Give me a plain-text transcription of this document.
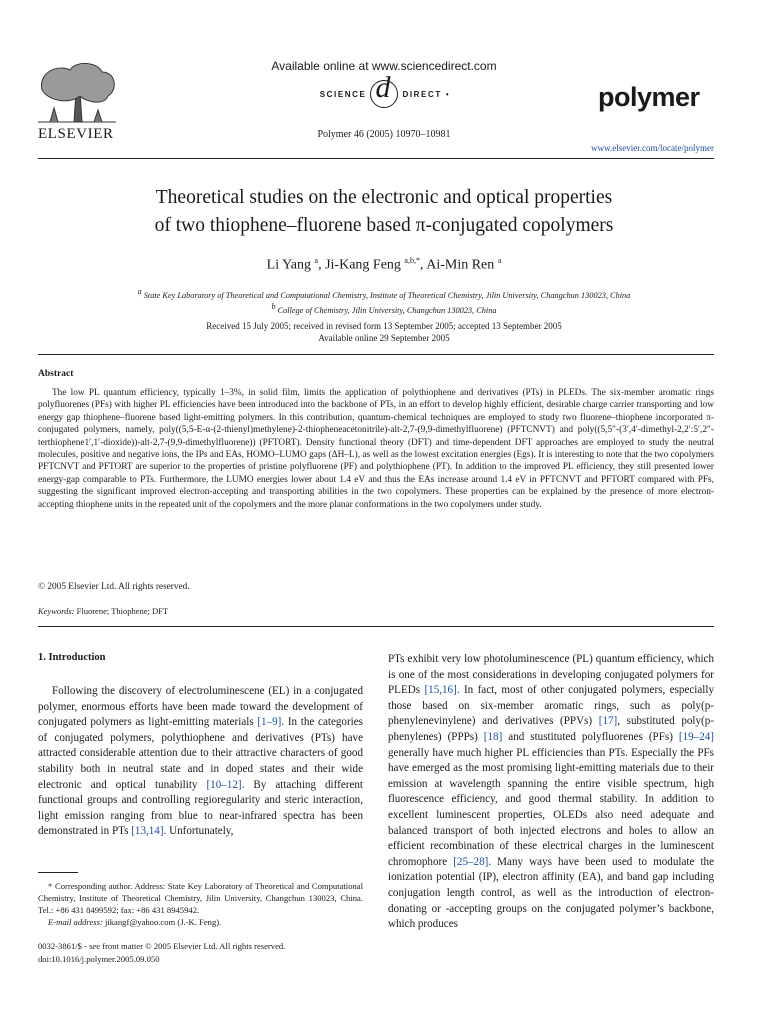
ELSEVIER
Available online at www.sciencedirect.com
SCIENCE d DIRECT •
Polymer 46 (2005) 10970–10981
polymer
www.elsevier.com/locate/polymer
Theoretical studies on the electronic and optical properties
of two thiophene–fluorene based π-conjugated copolymers
Li Yang $^a$, Ji-Kang Feng $^{a,b,*}$, Ai-Min Ren $^a$
$^a$ State Key Laboratory of Theoretical and Computational Chemistry, Institute of Theoretical Chemistry, Jilin University, Changchun 130023, China
$^b$ College of Chemistry, Jilin University, Changchun 130023, China
Received 15 July 2005; received in revised form 13 September 2005; accepted 13 September 2005
Available online 29 September 2005
Abstract
The low PL quantum efficiency, typically 1–3%, in solid film, limits the application of polythiophene and derivatives (PTs) in PLEDs. The six-member aromatic rings polyfluorenes (PFs) with higher PL efficiencies have been introduced into the backbone of PTs, in an effort to develop highly efficient, desirable charge carrier transporting and low energy gap thiophene–fluorene based light-emitting polymers. In this contribution, quantum-chemical techniques are employed to study two fluorene–thiophene incorporated π-conjugated polymers, namely, poly((5,5-E-α-(2-thienyl)methylene)-2-thiopheneacetonitrile)-alt-2,7-(9,9-dimethylfluorene) (PFTCNVT) and poly((5,5″-(3′,4′-dimethyl-2,2′:5′,2″-terthiophene1′,1′-dioxide))-alt-2,7-(9,9-dimethylfluorene)) (PFTORT). Density functional theory (DFT) and time-dependent DFT approaches are employed to study the neutral molecules, positive and negative ions, the IPs and EAs, HOMO–LUMO gaps (ΔH–L), as well as the lowest excitation energies (Egs). It is interesting to note that the two copolymers PFTCNVT and PFTORT are superior to the properties of pristine polyfluorene (PF) and polythiophene (PT). In addition to the improved PL efficiency, they still presented lower energy-gap comparable to PTs. Furthermore, the LUMO energies lower about 1.4 eV and thus the EAs increase around 1.4 eV in PFTCNVT and PFTORT compared with PFs, suggesting the significant improved electron-accepting and transporting abilities in the two copolymers. These properties can be explained by the presence of more electron-accepting thiophene units in the repeated unit of the copolymers and the more planar conformations in the two copolymers under study.
© 2005 Elsevier Ltd. All rights reserved.
Keywords: Fluorene; Thiophene; DFT
1. Introduction
Following the discovery of electroluminescene (EL) in a conjugated polymer, enormous efforts have been made toward the development of conjugated polymers as light-emitting materials [1–9]. In the categories of conjugated polymers, polythiophene and derivatives (PTs) have attracted considerable attention due to their attractive characters of good stability both in neutral state and in doped states and their wide electronic and optical tunability [10–12]. By attaching different functional groups and controlling regioregularity and steric interaction, light emission ranging from blue to near-infrared spectra has been demonstrated in PTs [13,14]. Unfortunately,
PTs exhibit very low photoluminescence (PL) quantum efficiency, which is one of the most considerations in developing conjugated polymers for PLEDs [15,16]. In fact, most of other conjugated polymers, especially those based on six-member aromatic rings, such as poly(p-phenylenevinylene) and derivatives (PPVs) [17], substituted poly(p-phenylenes) (PPPs) [18] and stustituted polyfluorenes (PFs) [19–24] generally have much higher PL efficiencies than PTs. Especially the PFs have emerged as the most promising light-emitting materials due to their emission at wavelength spanning the entire visible spectrum, high fluorescence efficiency, and good thermal stability. In addition to excellent luminescent properties, OLEDs also need adequate and balanced transport of both injected electrons and holes to allow an efficient recombination of these electrical charges in the luminescent chromophore [25–28]. Many ways have been used to modulate the ionization potential (IP), electron affinity (EA), and band gap including conjugation length control, as well as the introduction of electron-donating or -accepting groups on the conjugated polymer’s backbone, which produces
* Corresponding author. Address: State Key Laboratory of Theoretical and Computational Chemistry, Institute of Theoretical Chemistry, Jilin University, Changchun 130023, China. Tel.: +86 431 8499592; fax: +86 431 8945942.
E-mail address: jikangf@yahoo.com (J.-K. Feng).
0032-3861/$ - see front matter © 2005 Elsevier Ltd. All rights reserved.
doi:10.1016/j.polymer.2005.09.050
